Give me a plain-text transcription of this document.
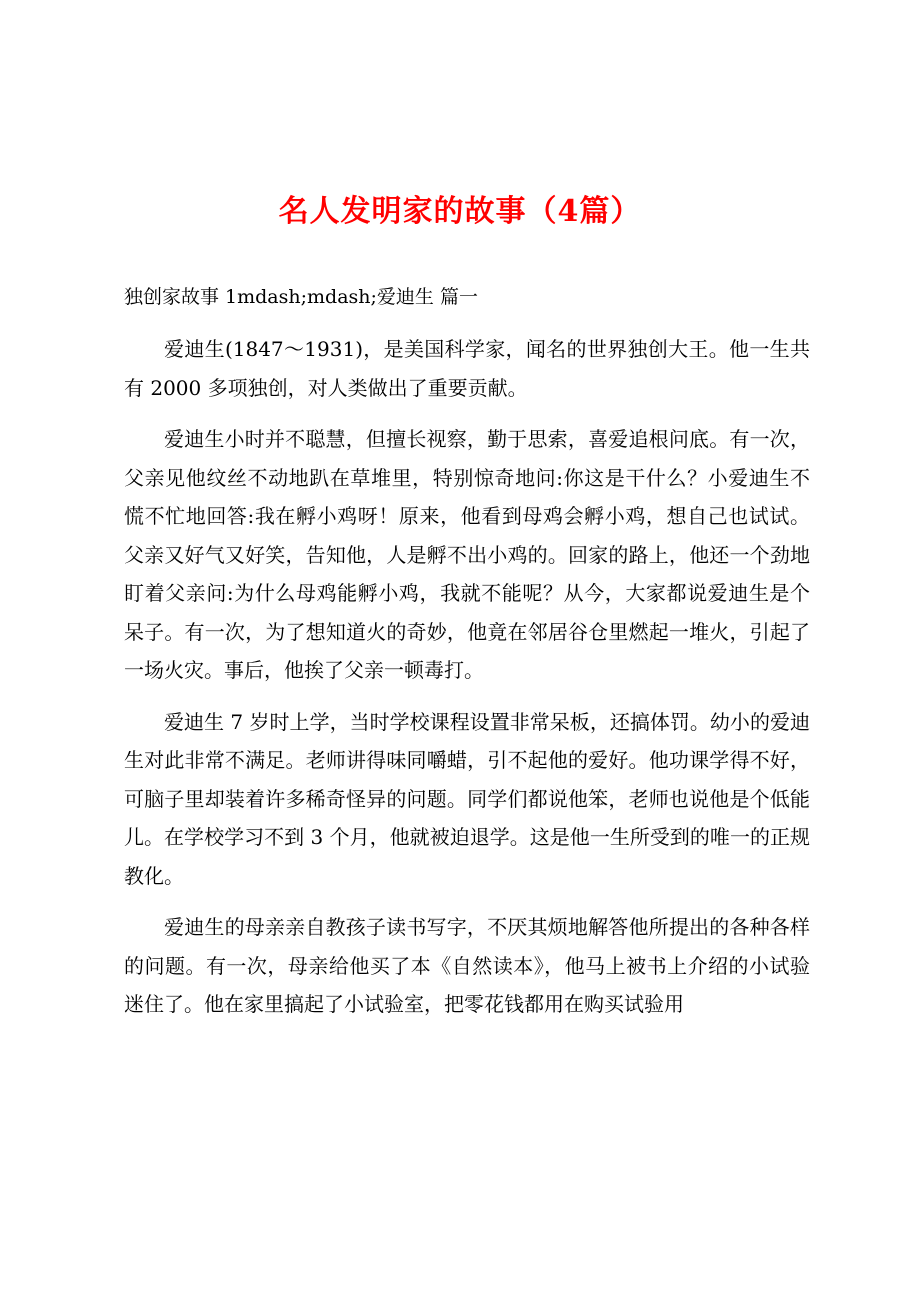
名人发明家的故事（4篇）
独创家故事 1mdash;mdash;爱迪生 篇一

爱迪生(1847～1931)，是美国科学家，闻名的世界独创大王。他一生共有 2000 多项独创，对人类做出了重要贡献。

爱迪生小时并不聪慧，但擅长视察，勤于思索，喜爱追根问底。有一次，父亲见他纹丝不动地趴在草堆里，特别惊奇地问:你这是干什么？小爱迪生不慌不忙地回答:我在孵小鸡呀！原来，他看到母鸡会孵小鸡，想自己也试试。父亲又好气又好笑，告知他，人是孵不出小鸡的。回家的路上，他还一个劲地盯着父亲问:为什么母鸡能孵小鸡，我就不能呢？从今，大家都说爱迪生是个呆子。有一次，为了想知道火的奇妙，他竟在邻居谷仓里燃起一堆火，引起了一场火灾。事后，他挨了父亲一顿毒打。

爱迪生 7 岁时上学，当时学校课程设置非常呆板，还搞体罚。幼小的爱迪生对此非常不满足。老师讲得味同嚼蜡，引不起他的爱好。他功课学得不好，可脑子里却装着许多稀奇怪异的问题。同学们都说他笨，老师也说他是个低能儿。在学校学习不到 3 个月，他就被迫退学。这是他一生所受到的唯一的正规教化。

爱迪生的母亲亲自教孩子读书写字，不厌其烦地解答他所提出的各种各样的问题。有一次，母亲给他买了本《自然读本》，他马上被书上介绍的小试验迷住了。他在家里搞起了小试验室，把零花钱都用在购买试验用
